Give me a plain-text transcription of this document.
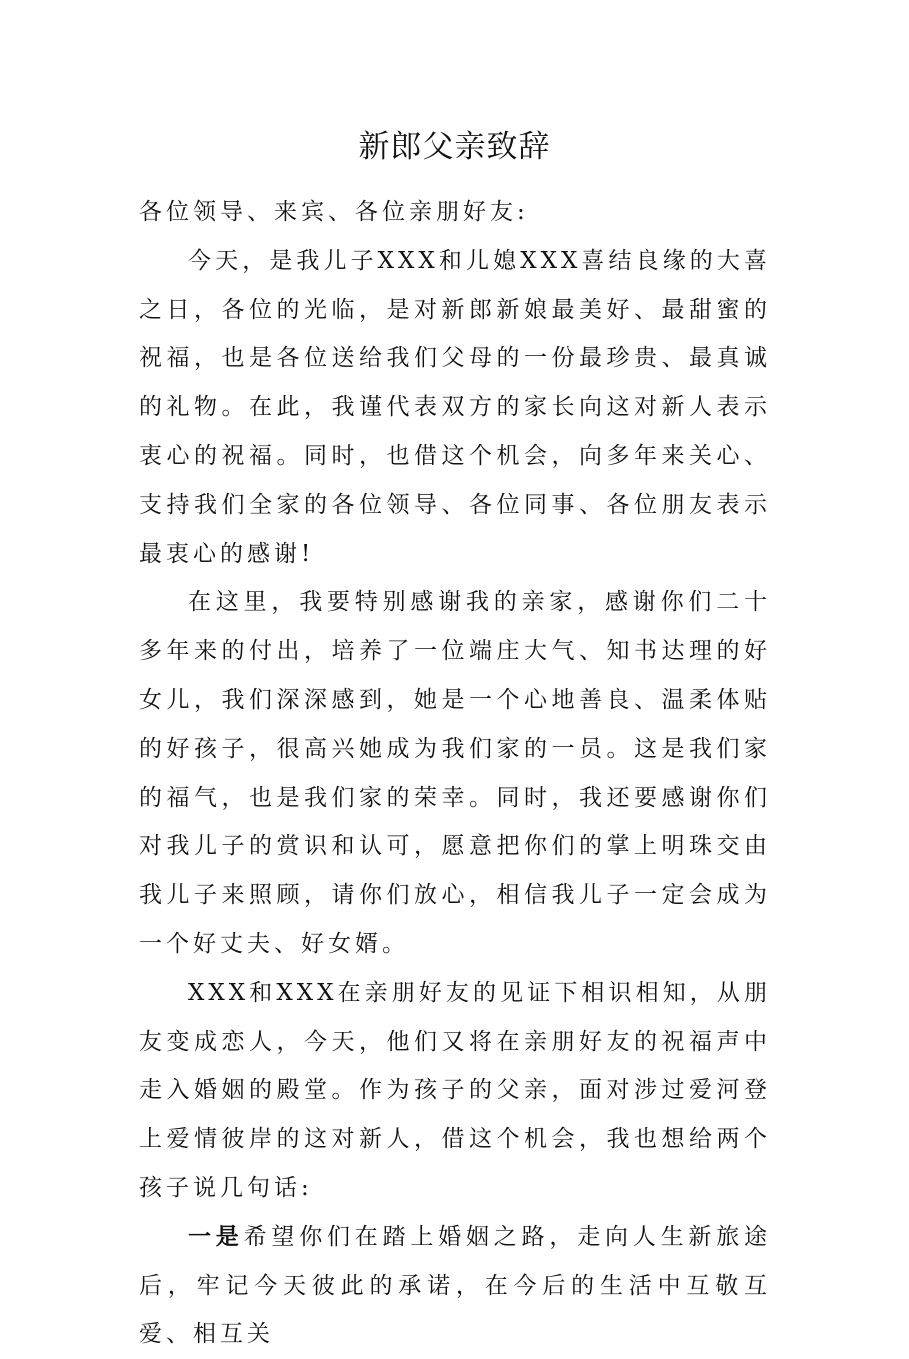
新郎父亲致辞

各位领导、来宾、各位亲朋好友:

今天，是我儿子XXX和儿媳XXX喜结良缘的大喜之日，各位的光临，是对新郎新娘最美好、最甜蜜的祝福，也是各位送给我们父母的一份最珍贵、最真诚的礼物。在此，我谨代表双方的家长向这对新人表示衷心的祝福。同时，也借这个机会，向多年来关心、支持我们全家的各位领导、各位同事、各位朋友表示最衷心的感谢!

在这里，我要特别感谢我的亲家，感谢你们二十多年来的付出，培养了一位端庄大气、知书达理的好女儿，我们深深感到，她是一个心地善良、温柔体贴的好孩子，很高兴她成为我们家的一员。这是我们家的福气，也是我们家的荣幸。同时，我还要感谢你们对我儿子的赏识和认可，愿意把你们的掌上明珠交由我儿子来照顾，请你们放心，相信我儿子一定会成为一个好丈夫、好女婿。

XXX和XXX在亲朋好友的见证下相识相知，从朋友变成恋人，今天，他们又将在亲朋好友的祝福声中走入婚姻的殿堂。作为孩子的父亲，面对涉过爱河登上爱情彼岸的这对新人，借这个机会，我也想给两个孩子说几句话:

一是希望你们在踏上婚姻之路，走向人生新旅途后，牢记今天彼此的承诺，在今后的生活中互敬互爱、相互关
